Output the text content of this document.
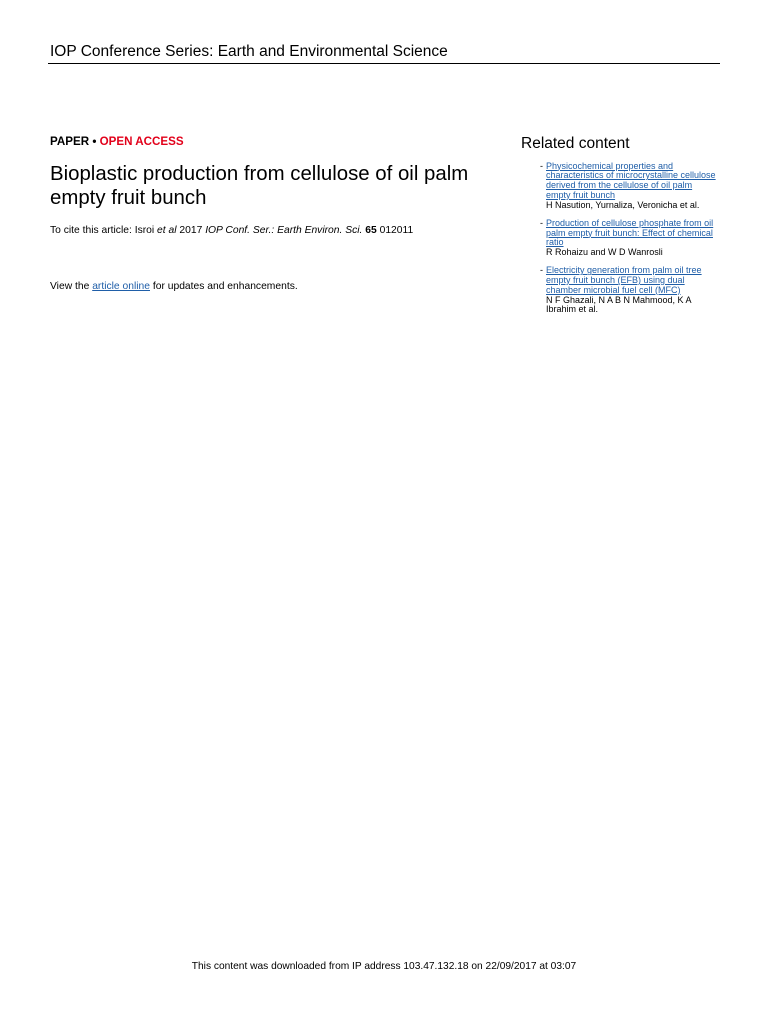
IOP Conference Series: Earth and Environmental Science
PAPER • OPEN ACCESS
Bioplastic production from cellulose of oil palm empty fruit bunch
To cite this article: Isroi et al 2017 IOP Conf. Ser.: Earth Environ. Sci. 65 012011
View the article online for updates and enhancements.
Related content
- Physicochemical properties and
characteristics of microcrystalline cellulose
derived from the cellulose of oil palm
empty fruit bunch
H Nasution, Yurnaliza, Veronicha et al.
- Production of cellulose phosphate from oil
palm empty fruit bunch: Effect of chemical
ratio
R Rohaizu and W D Wanrosli
- Electricity generation from palm oil tree
empty fruit bunch (EFB) using dual
chamber microbial fuel cell (MFC)
N F Ghazali, N A B N Mahmood, K A Ibrahim et al.
This content was downloaded from IP address 103.47.132.18 on 22/09/2017 at 03:07
